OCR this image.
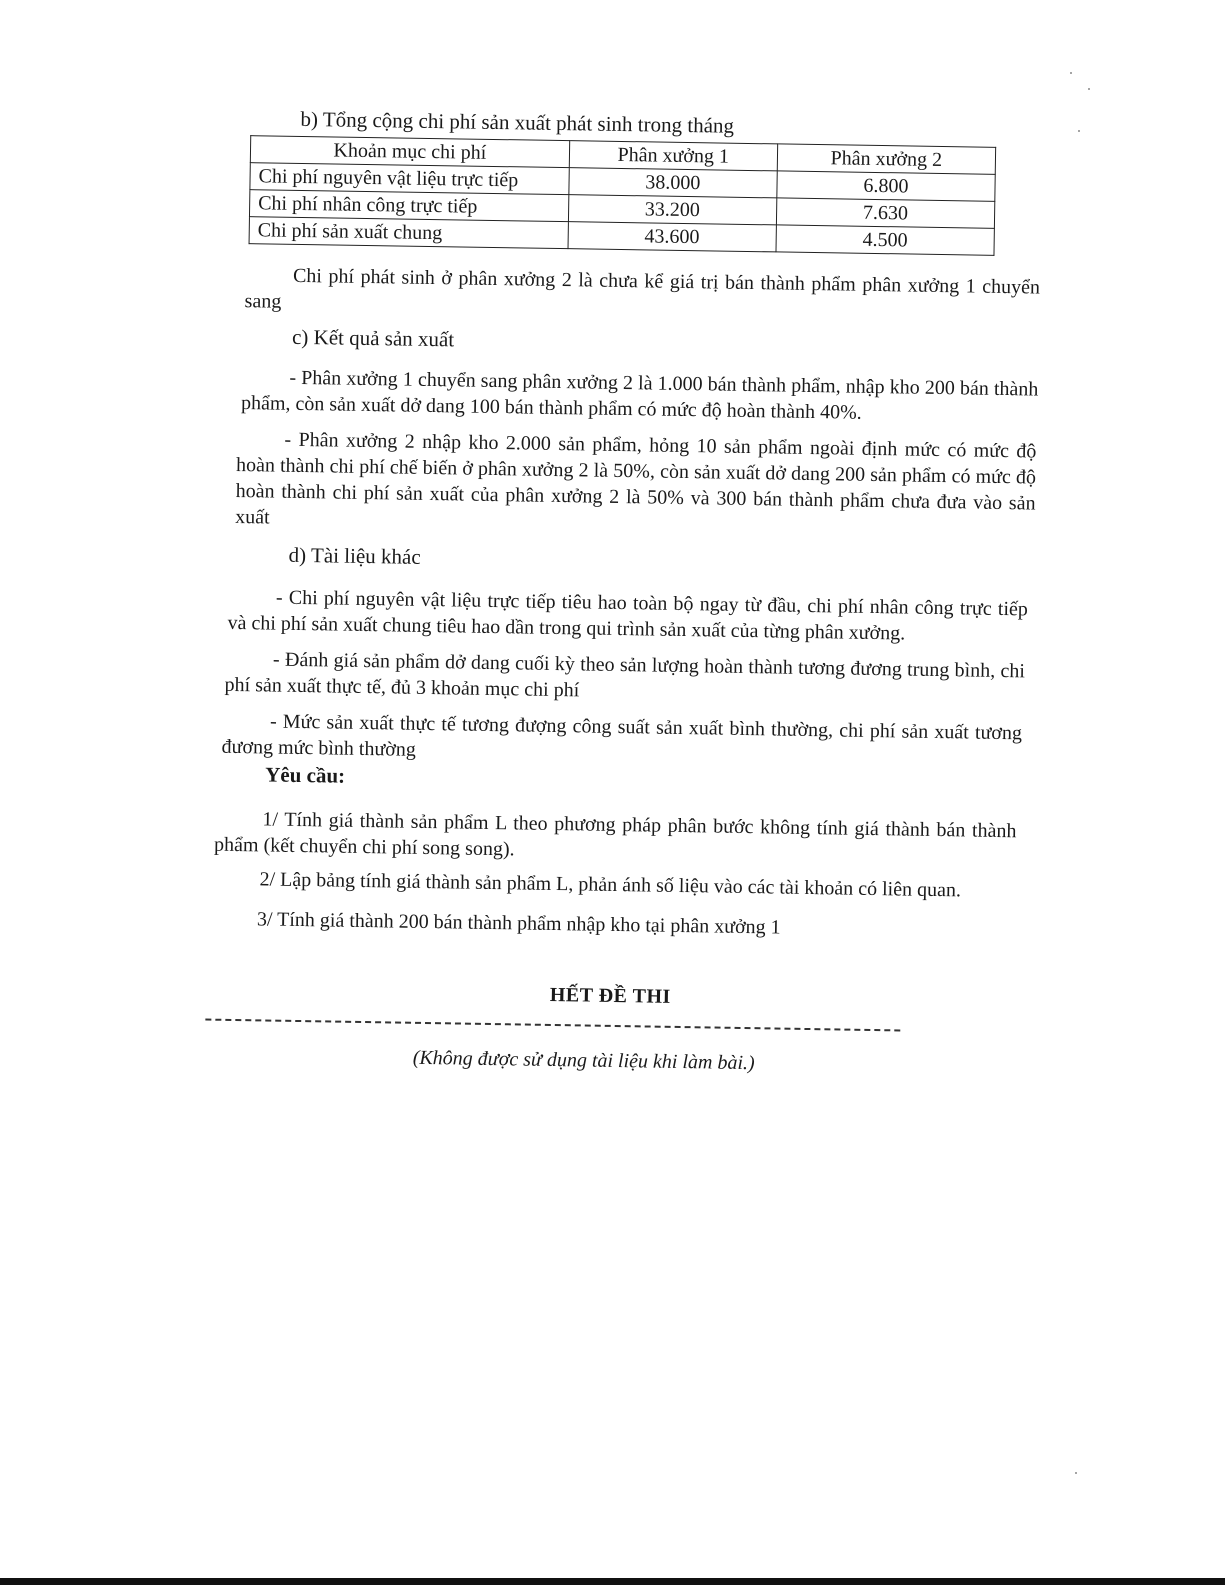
b) Tổng cộng chi phí sản xuất phát sinh trong tháng
Khoản mục chi phí	Phân xưởng 1	Phân xưởng 2
Chi phí nguyên vật liệu trực tiếp	38.000	6.800
Chi phí nhân công trực tiếp	33.200	7.630
Chi phí sản xuất chung	43.600	4.500
Chi phí phát sinh ở phân xưởng 2 là chưa kể giá trị bán thành phẩm phân xưởng 1 chuyển sang
c) Kết quả sản xuất
- Phân xưởng 1 chuyển sang phân xưởng 2 là 1.000 bán thành phẩm, nhập kho 200 bán thành phẩm, còn sản xuất dở dang 100 bán thành phẩm có mức độ hoàn thành 40%.
- Phân xưởng 2 nhập kho 2.000 sản phẩm, hỏng 10 sản phẩm ngoài định mức có mức độ hoàn thành chi phí chế biến ở phân xưởng 2 là 50%, còn sản xuất dở dang 200 sản phẩm có mức độ hoàn thành chi phí sản xuất của phân xưởng 2 là 50% và 300 bán thành phẩm chưa đưa vào sản xuất
d) Tài liệu khác
- Chi phí nguyên vật liệu trực tiếp tiêu hao toàn bộ ngay từ đầu, chi phí nhân công trực tiếp và chi phí sản xuất chung tiêu hao dần trong qui trình sản xuất của từng phân xưởng.
- Đánh giá sản phẩm dở dang cuối kỳ theo sản lượng hoàn thành tương đương trung bình, chi phí sản xuất thực tế, đủ 3 khoản mục chi phí
- Mức sản xuất thực tế tương đượng công suất sản xuất bình thường, chi phí sản xuất tương đương mức bình thường
Yêu cầu:
1/ Tính giá thành sản phẩm L theo phương pháp phân bước không tính giá thành bán thành phẩm (kết chuyển chi phí song song).
2/ Lập bảng tính giá thành sản phẩm L, phản ánh số liệu vào các tài khoản có liên quan.
3/ Tính giá thành 200 bán thành phẩm nhập kho tại phân xưởng 1
HẾT ĐỀ THI
(Không được sử dụng tài liệu khi làm bài.)
